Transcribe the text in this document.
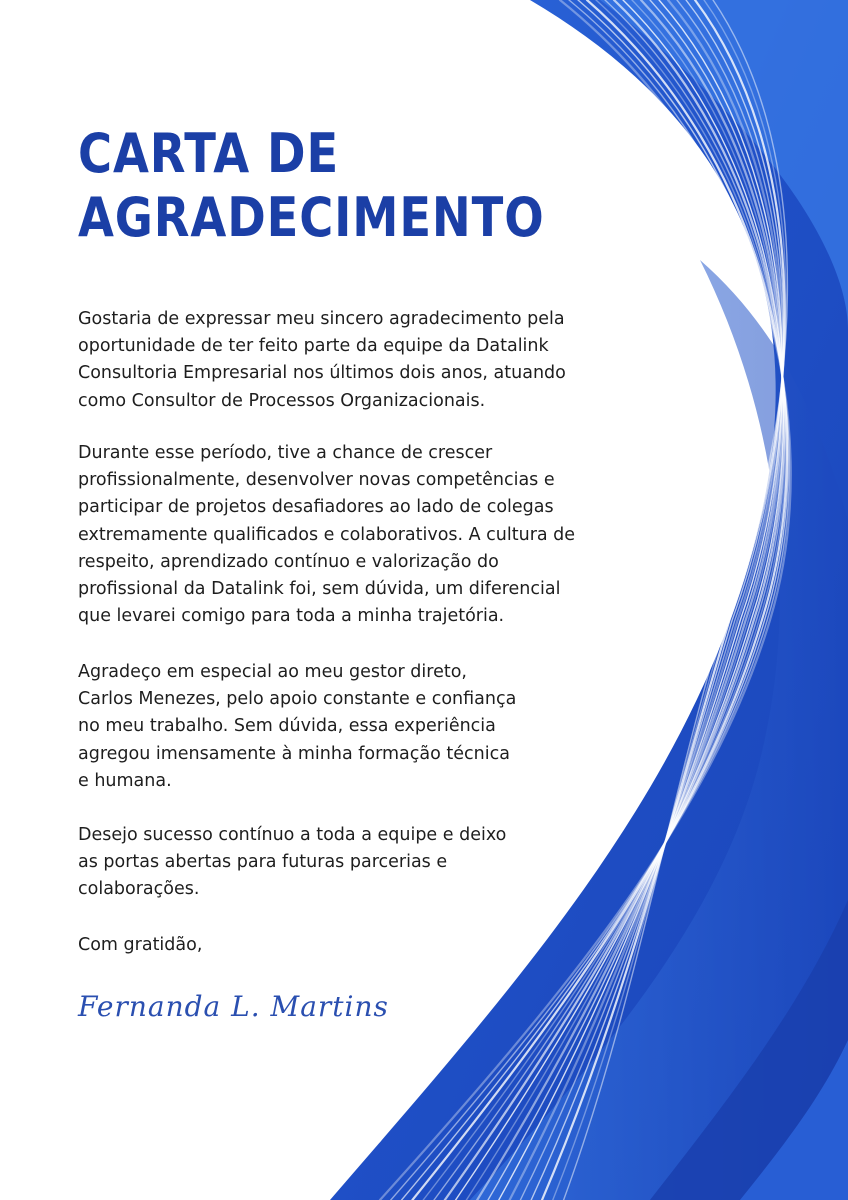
CARTA DE
AGRADECIMENTO

Gostaria de expressar meu sincero agradecimento pela
oportunidade de ter feito parte da equipe da Datalink
Consultoria Empresarial nos últimos dois anos, atuando
como Consultor de Processos Organizacionais.

Durante esse período, tive a chance de crescer
profissionalmente, desenvolver novas competências e
participar de projetos desafiadores ao lado de colegas
extremamente qualificados e colaborativos. A cultura de
respeito, aprendizado contínuo e valorização do
profissional da Datalink foi, sem dúvida, um diferencial
que levarei comigo para toda a minha trajetória.

Agradeço em especial ao meu gestor direto,
Carlos Menezes, pelo apoio constante e confiança
no meu trabalho. Sem dúvida, essa experiência
agregou imensamente à minha formação técnica
e humana.

Desejo sucesso contínuo a toda a equipe e deixo
as portas abertas para futuras parcerias e
colaborações.

Com gratidão,

Fernanda L. Martins
